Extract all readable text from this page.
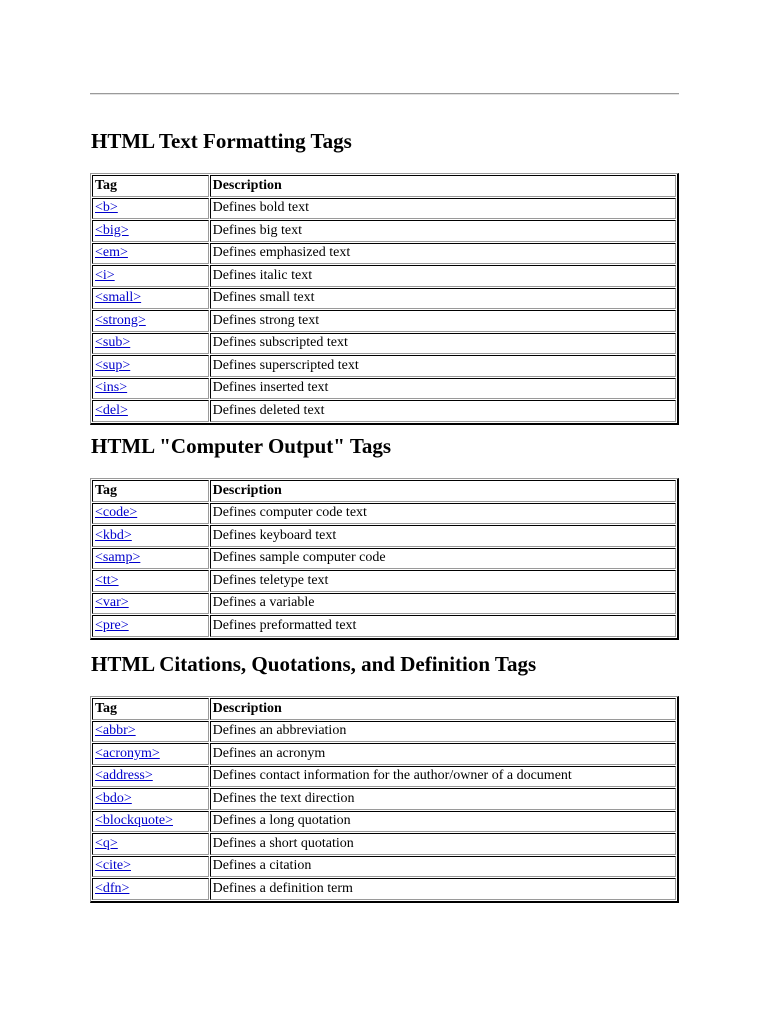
HTML Text Formatting Tags
Tag	Description
<b>	Defines bold text
<big>	Defines big text
<em>	Defines emphasized text
<i>	Defines italic text
<small>	Defines small text
<strong>	Defines strong text
<sub>	Defines subscripted text
<sup>	Defines superscripted text
<ins>	Defines inserted text
<del>	Defines deleted text
HTML "Computer Output" Tags
Tag	Description
<code>	Defines computer code text
<kbd>	Defines keyboard text
<samp>	Defines sample computer code
<tt>	Defines teletype text
<var>	Defines a variable
<pre>	Defines preformatted text
HTML Citations, Quotations, and Definition Tags
Tag	Description
<abbr>	Defines an abbreviation
<acronym>	Defines an acronym
<address>	Defines contact information for the author/owner of a document
<bdo>	Defines the text direction
<blockquote>	Defines a long quotation
<q>	Defines a short quotation
<cite>	Defines a citation
<dfn>	Defines a definition term
